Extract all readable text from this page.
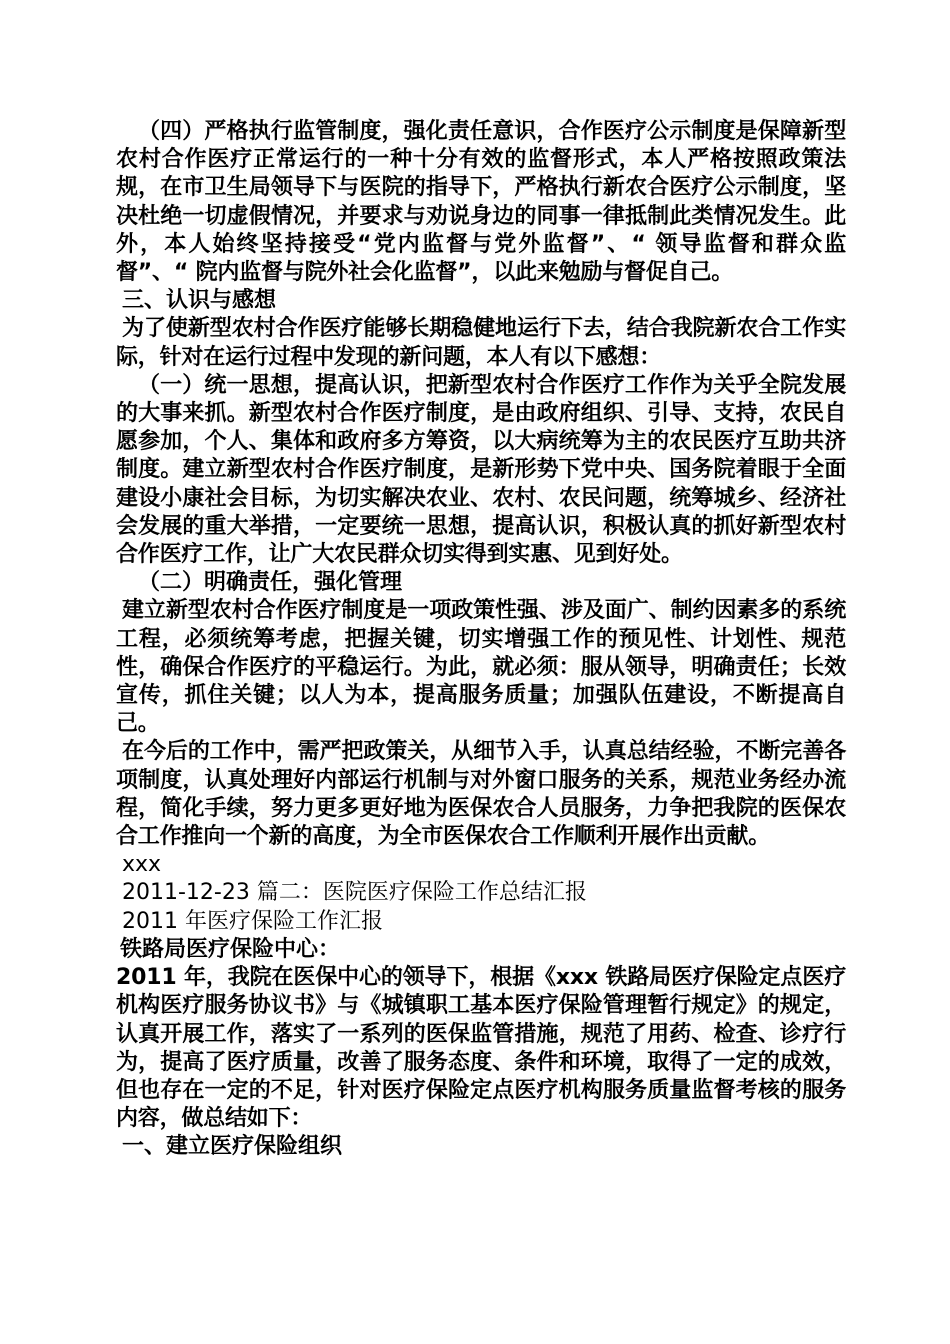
（四）严格执行监管制度，强化责任意识，合作医疗公示制度是保障新型农村合作医疗正常运行的一种十分有效的监督形式，本人严格按照政策法规，在市卫生局领导下与医院的指导下，严格执行新农合医疗公示制度，坚决杜绝一切虚假情况，并要求与劝说身边的同事一律抵制此类情况发生。此外，本人始终坚持接受“党内监督与党外监督”、“ 领导监督和群众监督”、“ 院内监督与院外社会化监督”，以此来勉励与督促自己。

三、认识与感想

为了使新型农村合作医疗能够长期稳健地运行下去，结合我院新农合工作实际，针对在运行过程中发现的新问题，本人有以下感想：

（一）统一思想，提高认识，把新型农村合作医疗工作作为关乎全院发展的大事来抓。新型农村合作医疗制度，是由政府组织、引导、支持，农民自愿参加，个人、集体和政府多方筹资，以大病统筹为主的农民医疗互助共济制度。建立新型农村合作医疗制度，是新形势下党中央、国务院着眼于全面建设小康社会目标，为切实解决农业、农村、农民问题，统筹城乡、经济社会发展的重大举措，一定要统一思想，提高认识，积极认真的抓好新型农村合作医疗工作，让广大农民群众切实得到实惠、见到好处。

（二）明确责任，强化管理

建立新型农村合作医疗制度是一项政策性强、涉及面广、制约因素多的系统工程，必须统筹考虑，把握关键，切实增强工作的预见性、计划性、规范性，确保合作医疗的平稳运行。为此，就必须：服从领导，明确责任；长效宣传，抓住关键；以人为本，提高服务质量；加强队伍建设，不断提高自己。

在今后的工作中，需严把政策关，从细节入手，认真总结经验，不断完善各项制度，认真处理好内部运行机制与对外窗口服务的关系，规范业务经办流程，简化手续，努力更多更好地为医保农合人员服务，力争把我院的医保农合工作推向一个新的高度，为全市医保农合工作顺利开展作出贡献。

xxx

2011-12-23 篇二：医院医疗保险工作总结汇报

2011 年医疗保险工作汇报

铁路局医疗保险中心：

2011 年，我院在医保中心的领导下，根据《xxx 铁路局医疗保险定点医疗机构医疗服务协议书》与《城镇职工基本医疗保险管理暂行规定》的规定，认真开展工作，落实了一系列的医保监管措施，规范了用药、检查、诊疗行为，提高了医疗质量，改善了服务态度、条件和环境，取得了一定的成效，但也存在一定的不足，针对医疗保险定点医疗机构服务质量监督考核的服务内容，做总结如下：

一、建立医疗保险组织
